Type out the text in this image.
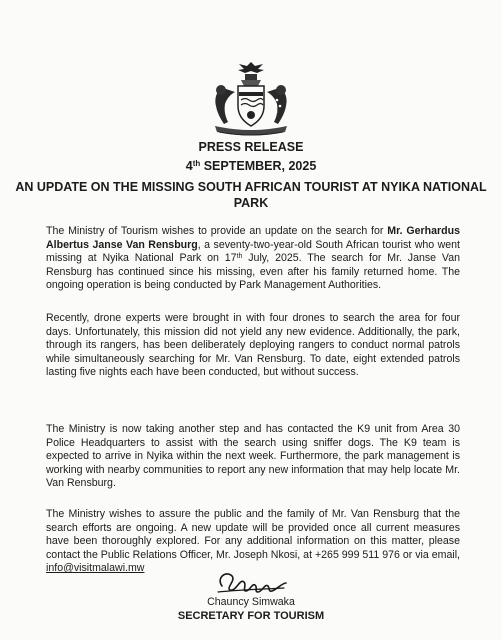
PRESS RELEASE

4th SEPTEMBER, 2025

AN UPDATE ON THE MISSING SOUTH AFRICAN TOURIST AT NYIKA NATIONAL PARK

The Ministry of Tourism wishes to provide an update on the search for Mr. Gerhardus Albertus Janse Van Rensburg, a seventy-two-year-old South African tourist who went missing at Nyika National Park on 17th July, 2025. The search for Mr. Janse Van Rensburg has continued since his missing, even after his family returned home. The ongoing operation is being conducted by Park Management Authorities.

Recently, drone experts were brought in with four drones to search the area for four days. Unfortunately, this mission did not yield any new evidence. Additionally, the park, through its rangers, has been deliberately deploying rangers to conduct normal patrols while simultaneously searching for Mr. Van Rensburg. To date, eight extended patrols lasting five nights each have been conducted, but without success.

The Ministry is now taking another step and has contacted the K9 unit from Area 30 Police Headquarters to assist with the search using sniffer dogs. The K9 team is expected to arrive in Nyika within the next week. Furthermore, the park management is working with nearby communities to report any new information that may help locate Mr. Van Rensburg.

The Ministry wishes to assure the public and the family of Mr. Van Rensburg that the search efforts are ongoing. A new update will be provided once all current measures have been thoroughly explored. For any additional information on this matter, please contact the Public Relations Officer, Mr. Joseph Nkosi, at +265 999 511 976 or via email, info@visitmalawi.mw

Chauncy Simwaka

SECRETARY FOR TOURISM
